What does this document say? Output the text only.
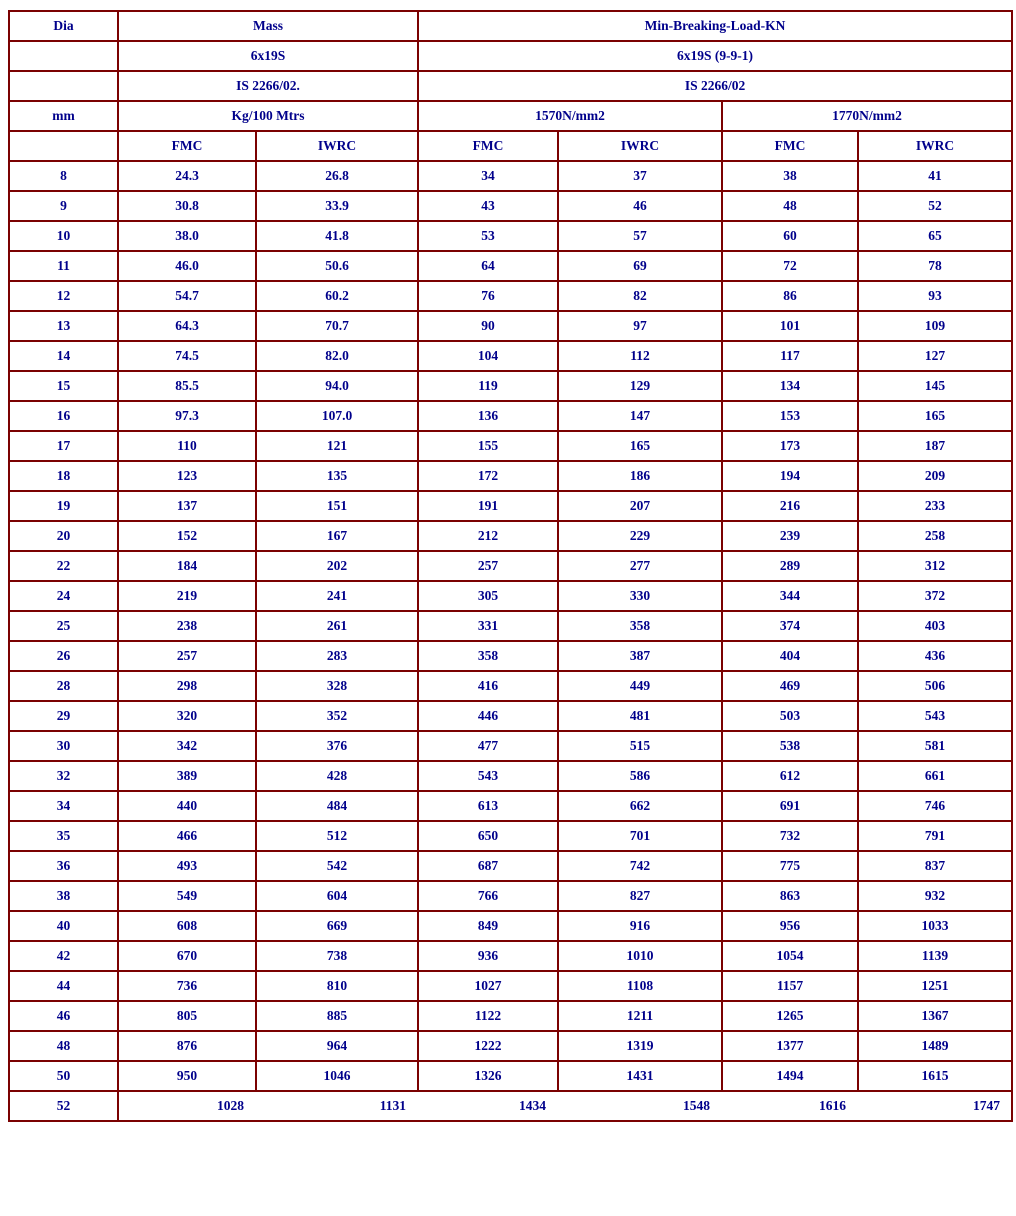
Dia	Mass		Min-Breaking-Load-KN			
	6x19S		6x19S (9-9-1)			
	IS 2266/02.		IS 2266/02			
mm	Kg/100 Mtrs		1570N/mm2		1770N/mm2	
	FMC	IWRC	FMC	IWRC	FMC	IWRC
8	24.3	26.8	34	37	38	41
9	30.8	33.9	43	46	48	52
10	38.0	41.8	53	57	60	65
11	46.0	50.6	64	69	72	78
12	54.7	60.2	76	82	86	93
13	64.3	70.7	90	97	101	109
14	74.5	82.0	104	112	117	127
15	85.5	94.0	119	129	134	145
16	97.3	107.0	136	147	153	165
17	110	121	155	165	173	187
18	123	135	172	186	194	209
19	137	151	191	207	216	233
20	152	167	212	229	239	258
22	184	202	257	277	289	312
24	219	241	305	330	344	372
25	238	261	331	358	374	403
26	257	283	358	387	404	436
28	298	328	416	449	469	506
29	320	352	446	481	503	543
30	342	376	477	515	538	581
32	389	428	543	586	612	661
34	440	484	613	662	691	746
35	466	512	650	701	732	791
36	493	542	687	742	775	837
38	549	604	766	827	863	932
40	608	669	849	916	956	1033
42	670	738	936	1010	1054	1139
44	736	810	1027	1108	1157	1251
46	805	885	1122	1211	1265	1367
48	876	964	1222	1319	1377	1489
50	950	1046	1326	1431	1494	1615
52	1028	1131	1434	1548	1616	1747
